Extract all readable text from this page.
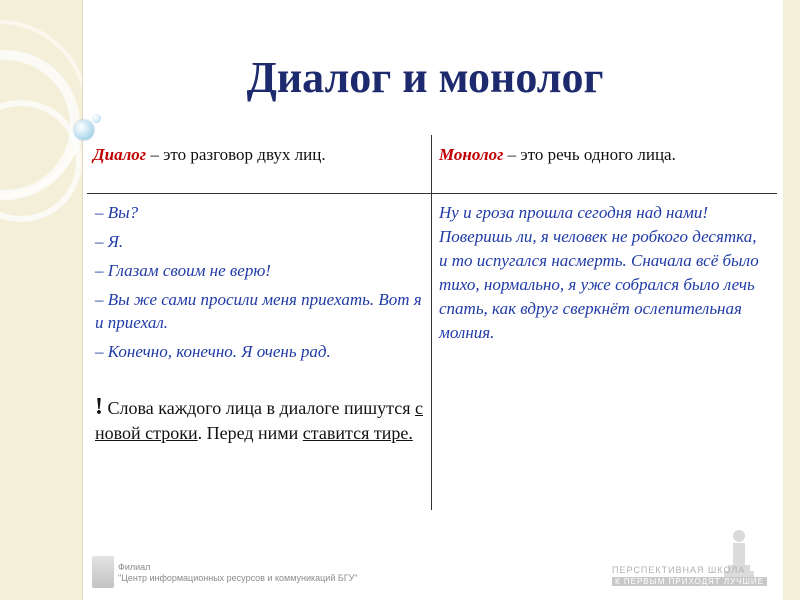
Диалог и монолог
Диалог – это разговор двух лиц.	Монолог – это речь одного лица.
– Вы?
– Я.
– Глазам своим не верю!
– Вы же сами просили меня приехать. Вот я и приехал.
– Конечно, конечно. Я очень рад.
! Слова каждого лица в диалоге пишутся с новой строки. Перед ними ставится тире.
Ну и гроза прошла сегодня над нами! Поверишь ли, я человек не робкого десятка, и то испугался насмерть. Сначала всё было тихо, нормально, я уже собрался было лечь спать, как вдруг сверкнёт ослепительная молния.
Филиал
"Центр информационных ресурсов и коммуникаций БГУ"
ПЕРСПЕКТИВНАЯ ШКОЛА
К ПЕРВЫМ ПРИХОДЯТ ЛУЧШИЕ
